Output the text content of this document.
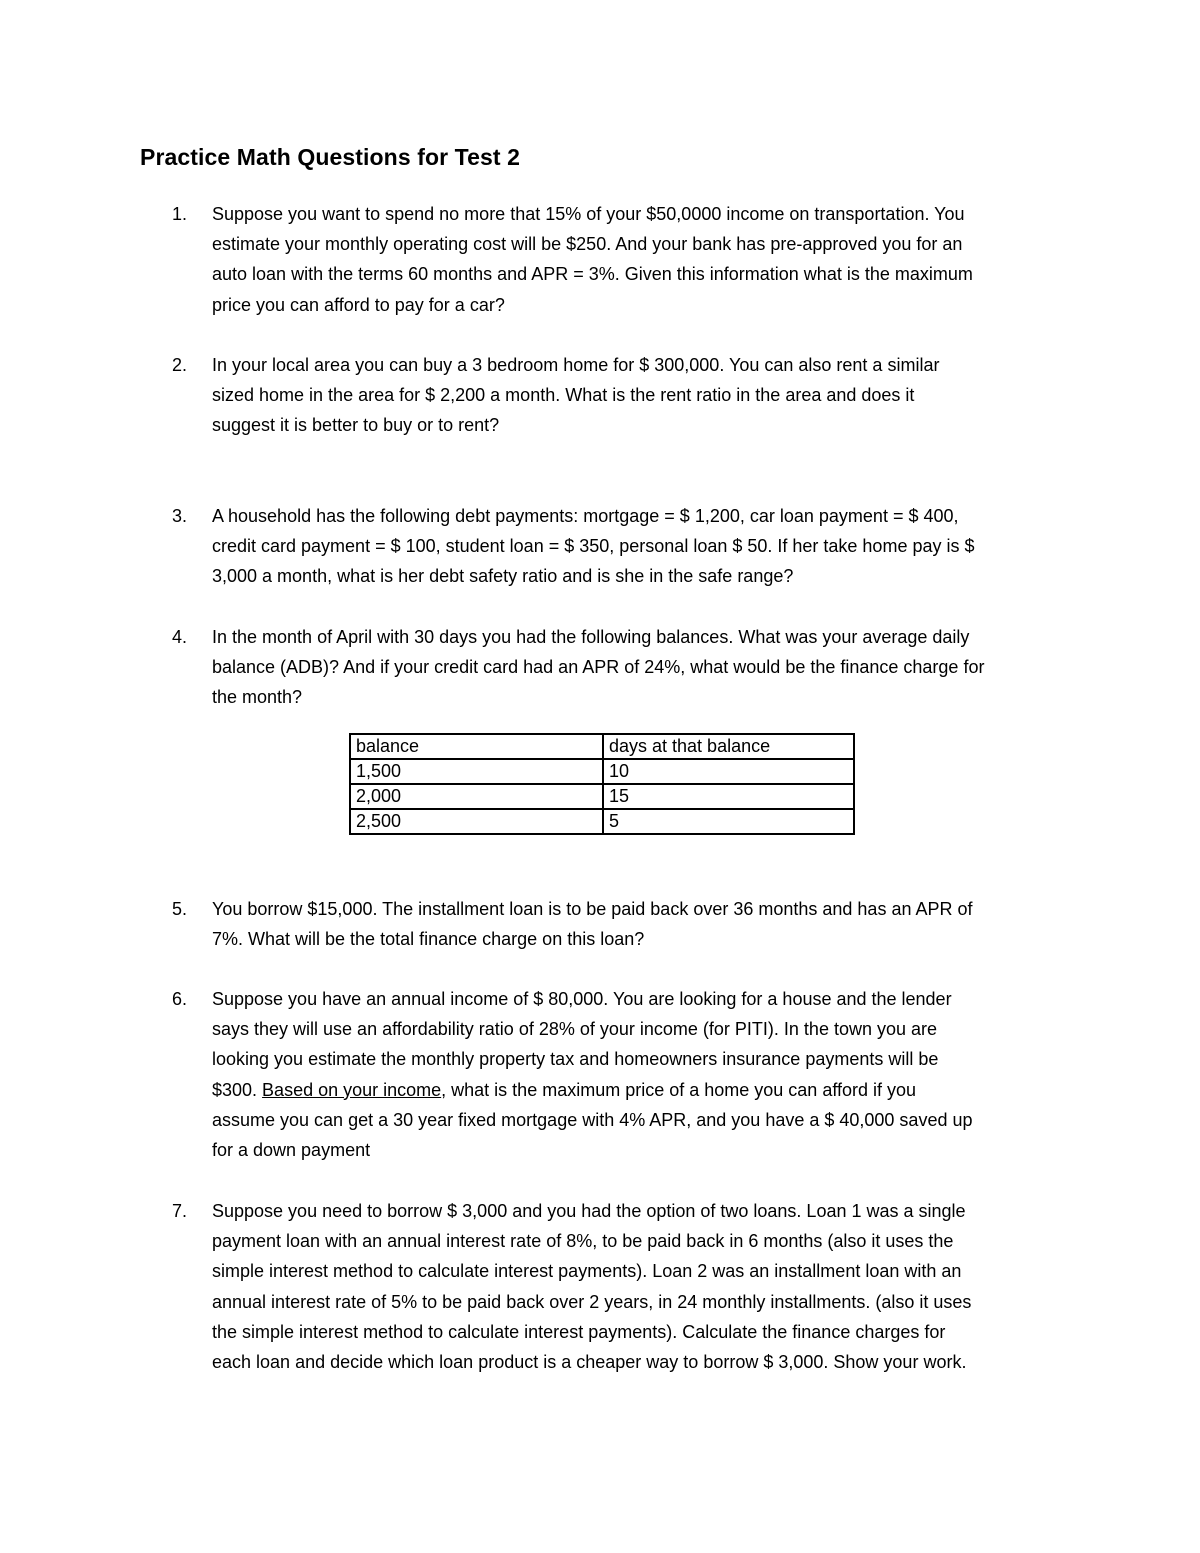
Practice Math Questions for Test 2
1. Suppose you want to spend no more that 15% of your $50,0000 income on transportation. You
estimate your monthly operating cost will be $250. And your bank has pre-approved you for an
auto loan with the terms 60 months and APR = 3%. Given this information what is the maximum
price you can afford to pay for a car?
2. In your local area you can buy a 3 bedroom home for $ 300,000. You can also rent a similar
sized home in the area for $ 2,200 a month. What is the rent ratio in the area and does it
suggest it is better to buy or to rent?
3. A household has the following debt payments: mortgage = $ 1,200, car loan payment = $ 400,
credit card payment = $ 100, student loan = $ 350, personal loan $ 50. If her take home pay is $
3,000 a month, what is her debt safety ratio and is she in the safe range?
4. In the month of April with 30 days you had the following balances. What was your average daily
balance (ADB)? And if your credit card had an APR of 24%, what would be the finance charge for
the month?
balance	days at that balance
1,500	10
2,000	15
2,500	5
5. You borrow $15,000. The installment loan is to be paid back over 36 months and has an APR of
7%. What will be the total finance charge on this loan?
6. Suppose you have an annual income of $ 80,000. You are looking for a house and the lender
says they will use an affordability ratio of 28% of your income (for PITI). In the town you are
looking you estimate the monthly property tax and homeowners insurance payments will be
$300. Based on your income, what is the maximum price of a home you can afford if you
assume you can get a 30 year fixed mortgage with 4% APR, and you have a $ 40,000 saved up
for a down payment
7. Suppose you need to borrow $ 3,000 and you had the option of two loans. Loan 1 was a single
payment loan with an annual interest rate of 8%, to be paid back in 6 months (also it uses the
simple interest method to calculate interest payments). Loan 2 was an installment loan with an
annual interest rate of 5% to be paid back over 2 years, in 24 monthly installments. (also it uses
the simple interest method to calculate interest payments). Calculate the finance charges for
each loan and decide which loan product is a cheaper way to borrow $ 3,000. Show your work.
